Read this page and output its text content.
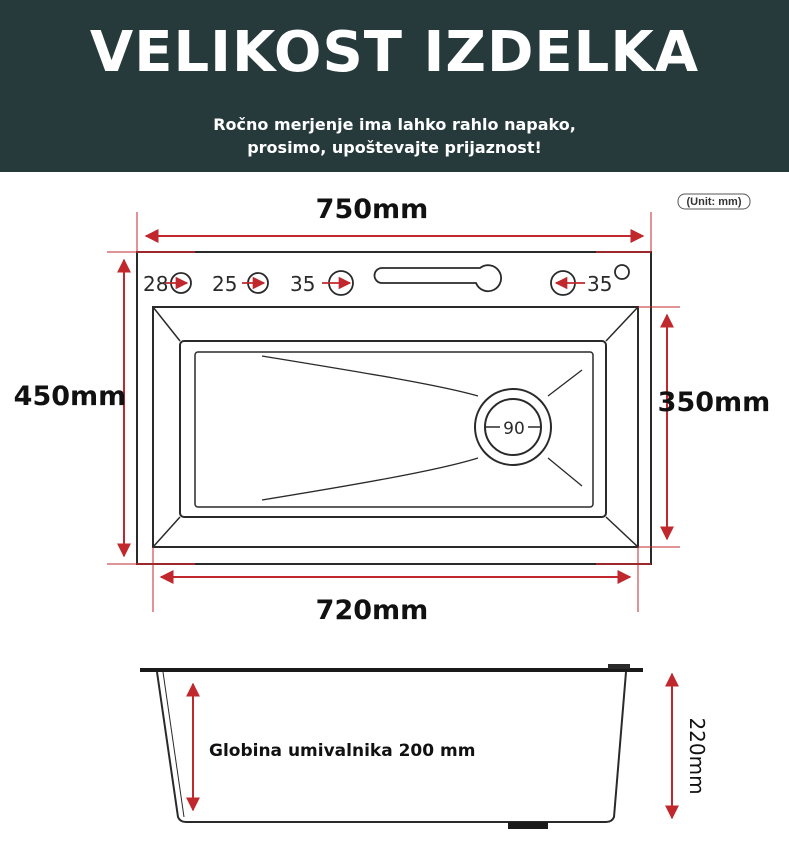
VELIKOST IZDELKA
Ročno merjenje ima lahko rahlo napako,
prosimo, upoštevajte prijaznost!
(Unit: mm)
90
28 25	35	35
750mm
450mm	350mm
720mm
Globina umivalnika 200 mm	220mm
